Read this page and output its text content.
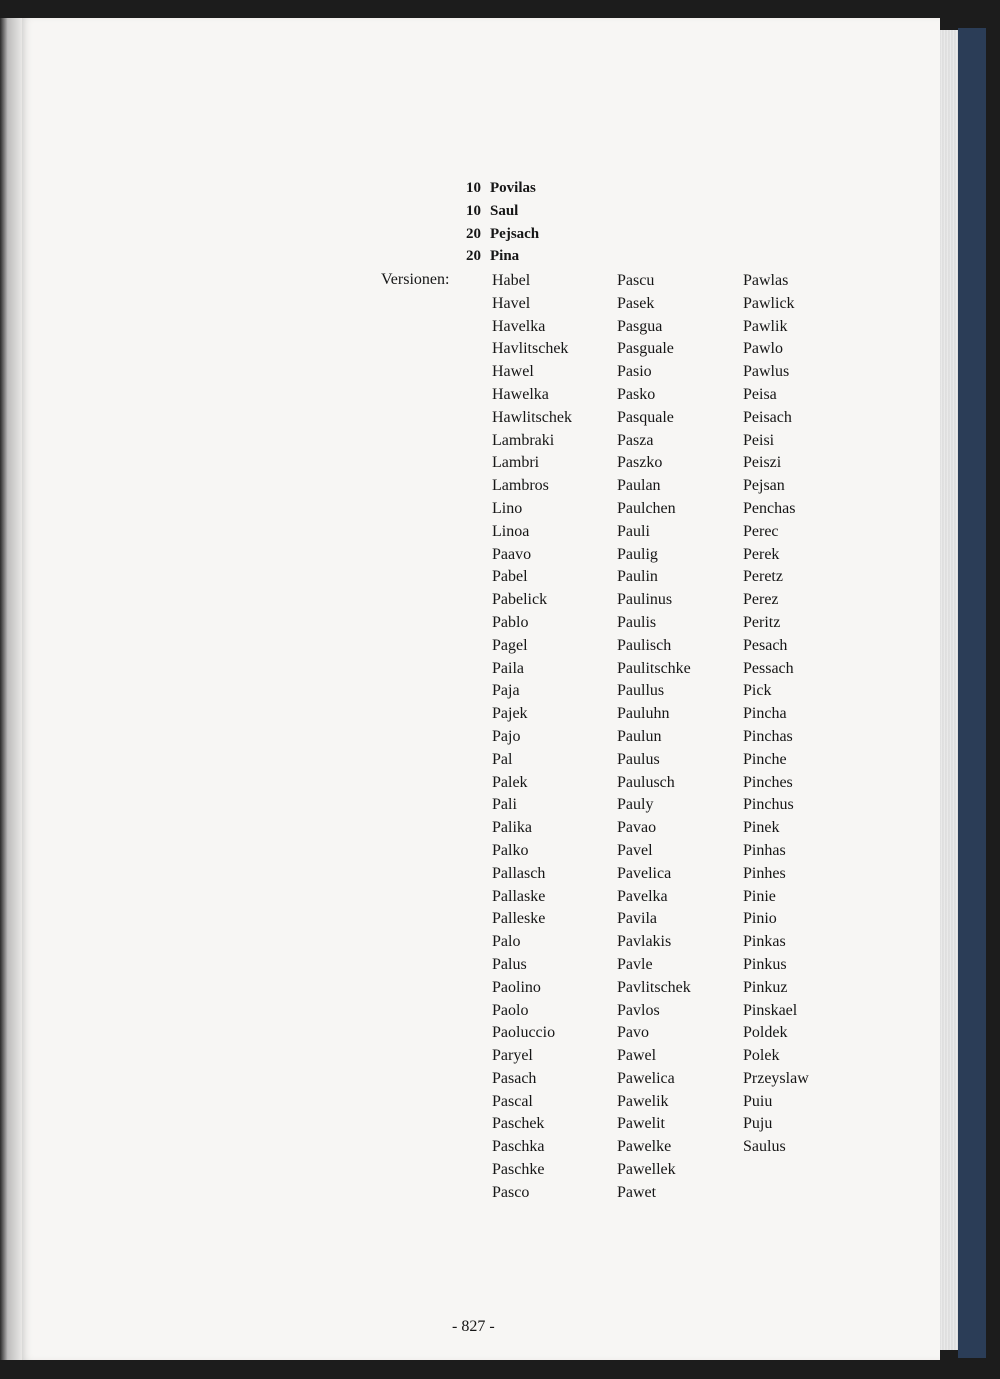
10 Povilas
10 Saul
20 Pejsach
20 Pina
Versionen:	Habel
Havel
Havelka
Havlitschek
Hawel
Hawelka
Hawlitschek
Lambraki
Lambri
Lambros
Lino
Linoa
Paavo
Pabel
Pabelick
Pablo
Pagel
Paila
Paja
Pajek
Pajo
Pal
Palek
Pali
Palika
Palko
Pallasch
Pallaske
Palleske
Palo
Palus
Paolino
Paolo
Paoluccio
Paryel
Pasach
Pascal
Paschek
Paschka
Paschke
Pasco
Pascu
Pasek
Pasgua
Pasguale
Pasio
Pasko
Pasquale
Pasza
Paszko
Paulan
Paulchen
Pauli
Paulig
Paulin
Paulinus
Paulis
Paulisch
Paulitschke
Paullus
Pauluhn
Paulun
Paulus
Paulusch
Pauly
Pavao
Pavel
Pavelica
Pavelka
Pavila
Pavlakis
Pavle
Pavlitschek
Pavlos
Pavo
Pawel
Pawelica
Pawelik
Pawelit
Pawelke
Pawellek
Pawet
Pawlas
Pawlick
Pawlik
Pawlo
Pawlus
Peisa
Peisach
Peisi
Peiszi
Pejsan
Penchas
Perec
Perek
Peretz
Perez
Peritz
Pesach
Pessach
Pick
Pincha
Pinchas
Pinche
Pinches
Pinchus
Pinek
Pinhas
Pinhes
Pinie
Pinio
Pinkas
Pinkus
Pinkuz
Pinskael
Poldek
Polek
Przeyslaw
Puiu
Puju
Saulus
- 827 -
